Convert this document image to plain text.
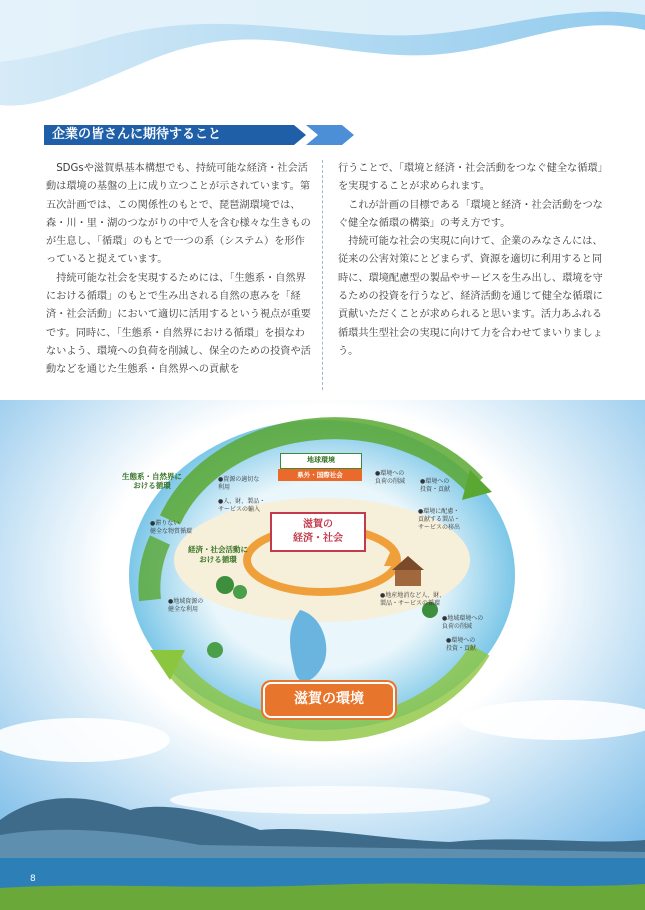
企業の皆さんに期待すること

SDGsや滋賀県基本構想でも、持続可能な経済・社会活動は環境の基盤の上に成り立つことが示されています。第五次計画では、この関係性のもとで、琵琶湖環境では、森・川・里・湖のつながりの中で人を含む様々な生きものが生息し、「循環」のもとで一つの系（システム）を形作っていると捉えています。

持続可能な社会を実現するためには、「生態系・自然界における循環」のもとで生み出される自然の恵みを「経済・社会活動」において適切に活用するという視点が重要です。同時に、「生態系・自然界における循環」を損なわないよう、環境への負荷を削減し、保全のための投資や活動などを通じた生態系・自然界への貢献を

行うことで、「環境と経済・社会活動をつなぐ健全な循環」を実現することが求められます。

これが計画の目標である「環境と経済・社会活動をつなぐ健全な循環の構築」の考え方です。

持続可能な社会の実現に向けて、企業のみなさんには、従来の公害対策にとどまらず、資源を適切に利用すると同時に、環境配慮型の製品やサービスを生み出し、環境を守るための投資を行うなど、経済活動を通じて健全な循環に貢献いただくことが求められると思います。活力あふれる循環共生型社会の実現に向けて力を合わせてまいりましょう。

地球環境
県外・国際社会
滋賀の
経済・社会
生態系・自然界に
おける循環
経済・社会活動に
おける循環
滋賀の環境
●資源の適切な
利用
●人、財、製品・
サービスの輸入
●滞りない
健全な物質循環
●環境への
負荷の削減 ●環境への
投資・貢献
●環境に配慮・
貢献する製品・
サービスの移出
●地産地消など人、財、
製品・サービスの循環
●地域資源の
健全な利用
●地域環境への
負荷の削減
●環境への
投資・貢献
8
